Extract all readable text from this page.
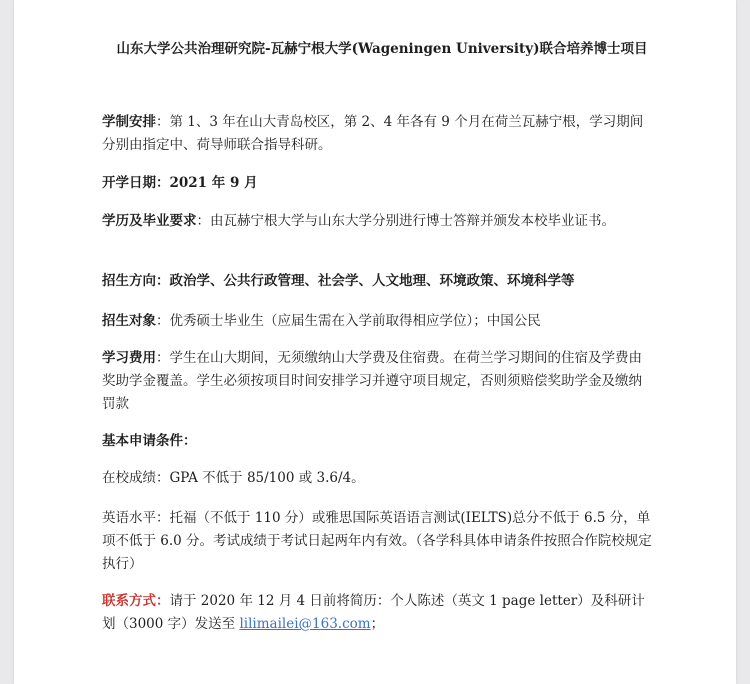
山东大学公共治理研究院-瓦赫宁根大学(Wageningen University)联合培养博士项目

学制安排：第 1、3 年在山大青岛校区，第 2、4 年各有 9 个月在荷兰瓦赫宁根，学习期间分别由指定中、荷导师联合指导科研。

开学日期：2021 年 9 月

学历及毕业要求：由瓦赫宁根大学与山东大学分别进行博士答辩并颁发本校毕业证书。

招生方向：政治学、公共行政管理、社会学、人文地理、环境政策、环境科学等

招生对象：优秀硕士毕业生（应届生需在入学前取得相应学位）；中国公民

学习费用：学生在山大期间，无须缴纳山大学费及住宿费。在荷兰学习期间的住宿及学费由奖助学金覆盖。学生必须按项目时间安排学习并遵守项目规定，否则须赔偿奖助学金及缴纳罚款

基本申请条件：

在校成绩：GPA 不低于 85/100 或 3.6/4。

英语水平：托福（不低于 110 分）或雅思国际英语语言测试(IELTS)总分不低于 6.5 分，单项不低于 6.0 分。考试成绩于考试日起两年内有效。（各学科具体申请条件按照合作院校规定执行）

联系方式：请于 2020 年 12 月 4 日前将简历：个人陈述（英文 1 page letter）及科研计划（3000 字）发送至 lilimailei@163.com；
